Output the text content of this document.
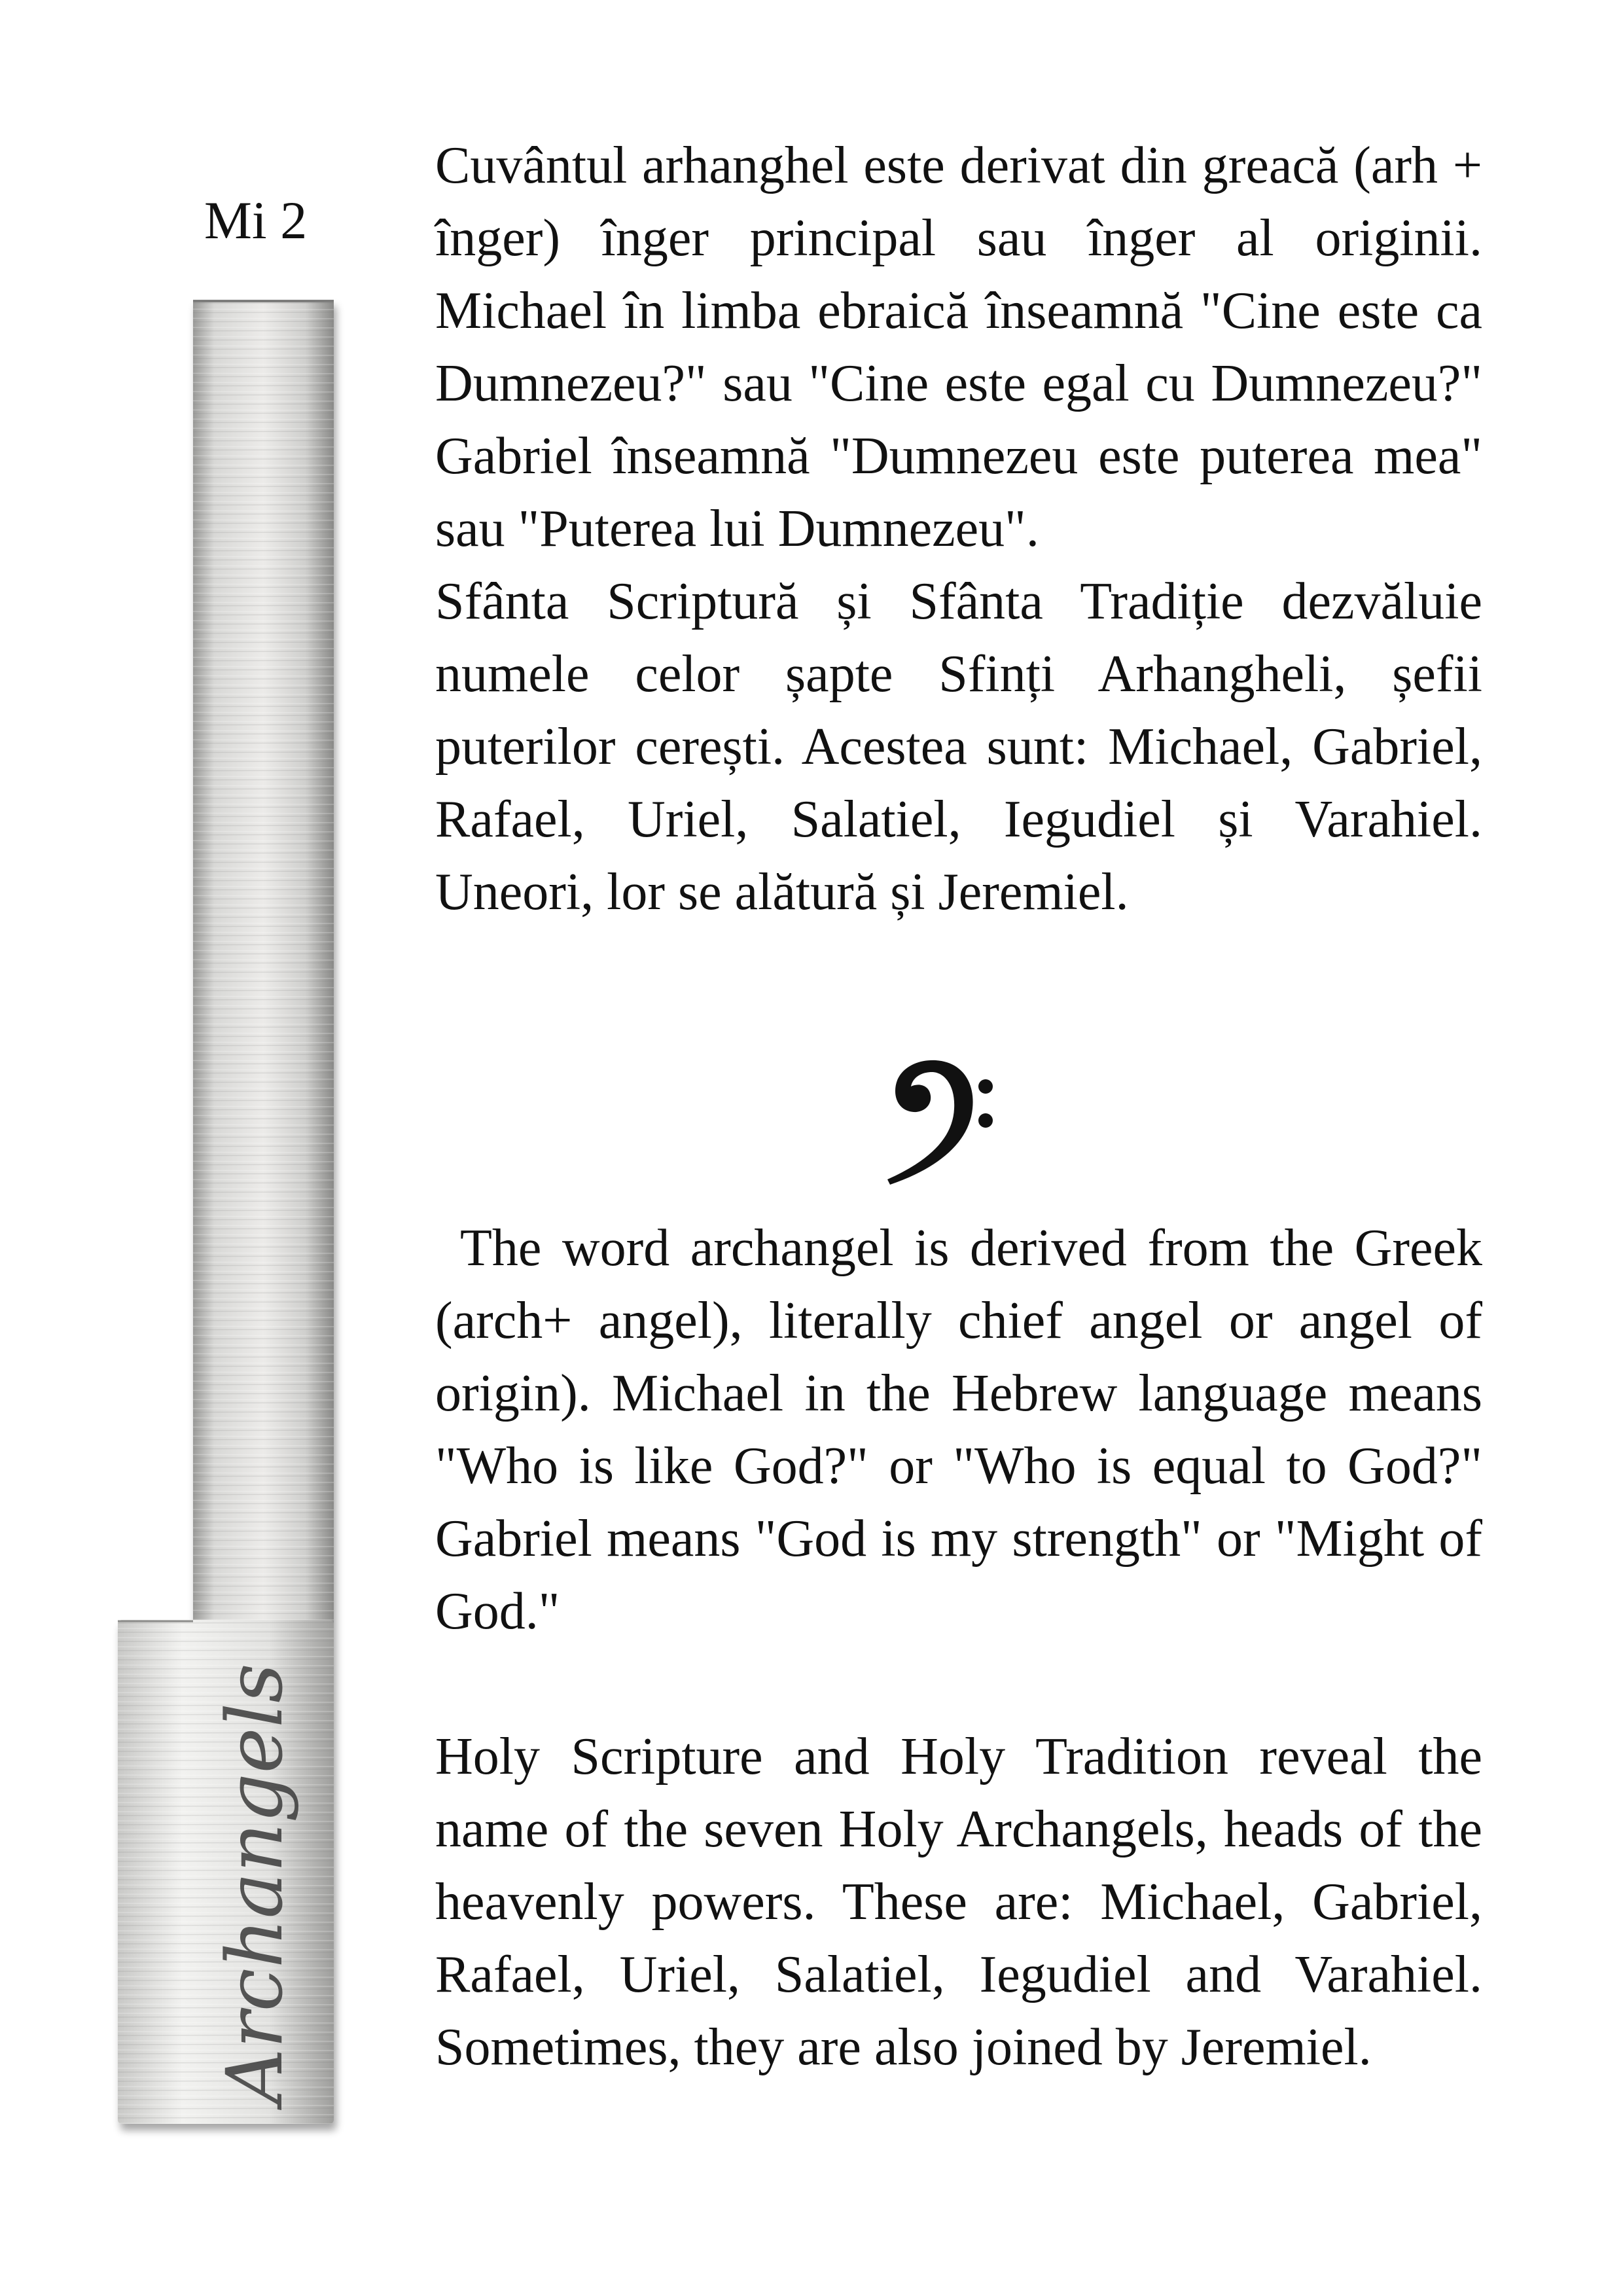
Mi 2
Archangels

Cuvântul arhanghel este derivat din greacă (arh + înger) înger principal sau înger al originii. Michael în limba ebraică înseamnă "Cine este ca Dumnezeu?" sau "Cine este egal cu Dumnezeu?" Gabriel înseamnă "Dumnezeu este puterea mea" sau "Puterea lui Dumnezeu".

Sfânta Scriptură și Sfânta Tradiție dezvăluie numele celor șapte Sfinți Arhangheli, șefii puterilor cerești. Acestea sunt: Michael, Gabriel, Rafael, Uriel, Salatiel, Iegudiel și Varahiel. Uneori, lor se alătură și Jeremiel.

The word archangel is derived from the Greek (arch+ angel), literally chief angel or angel of origin). Michael in the Hebrew language means "Who is like God?" or "Who is equal to God?" Gabriel means "God is my strength" or "Might of God."

Holy Scripture and Holy Tradition reveal the name of the seven Holy Archangels, heads of the heavenly powers. These are: Michael, Gabriel, Rafael, Uriel, Salatiel, Iegudiel and Varahiel. Sometimes, they are also joined by Jeremiel.
